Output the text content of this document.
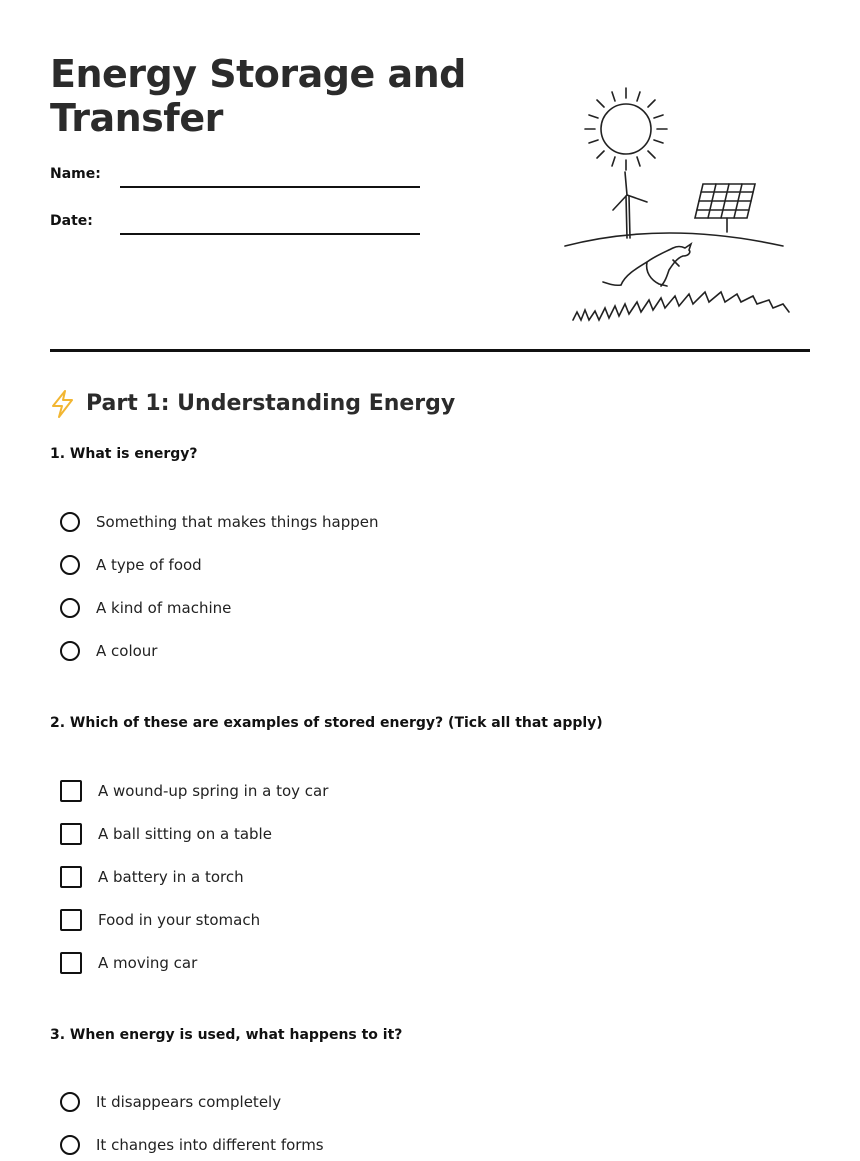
Energy Storage and Transfer
Name:
Date:
Part 1: Understanding Energy

1. What is energy?

Something that makes things happen
A type of food
A kind of machine
A colour

2. Which of these are examples of stored energy? (Tick all that apply)

A wound-up spring in a toy car
A ball sitting on a table
A battery in a torch
Food in your stomach
A moving car

3. When energy is used, what happens to it?

It disappears completely
It changes into different forms
